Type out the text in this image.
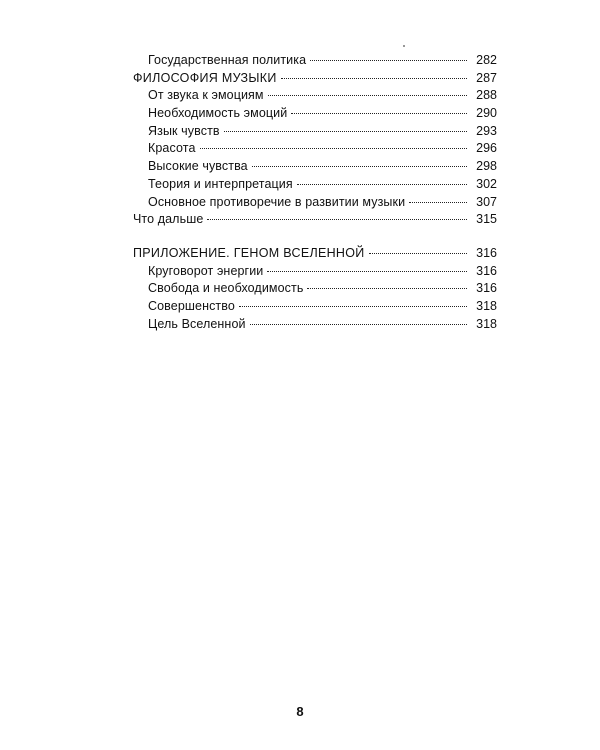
Государственная политика	282
ФИЛОСОФИЯ МУЗЫКИ	287
От звука к эмоциям	288
Необходимость эмоций	290
Язык чувств	293
Красота	296
Высокие чувства	298
Теория и интерпретация	302
Основное противоречие в развитии музыки	307
Что дальше	315
ПРИЛОЖЕНИЕ. ГЕНОМ ВСЕЛЕННОЙ	316
Круговорот энергии	316
Свобода и необходимость	316
Совершенство	318
Цель Вселенной	318
8
